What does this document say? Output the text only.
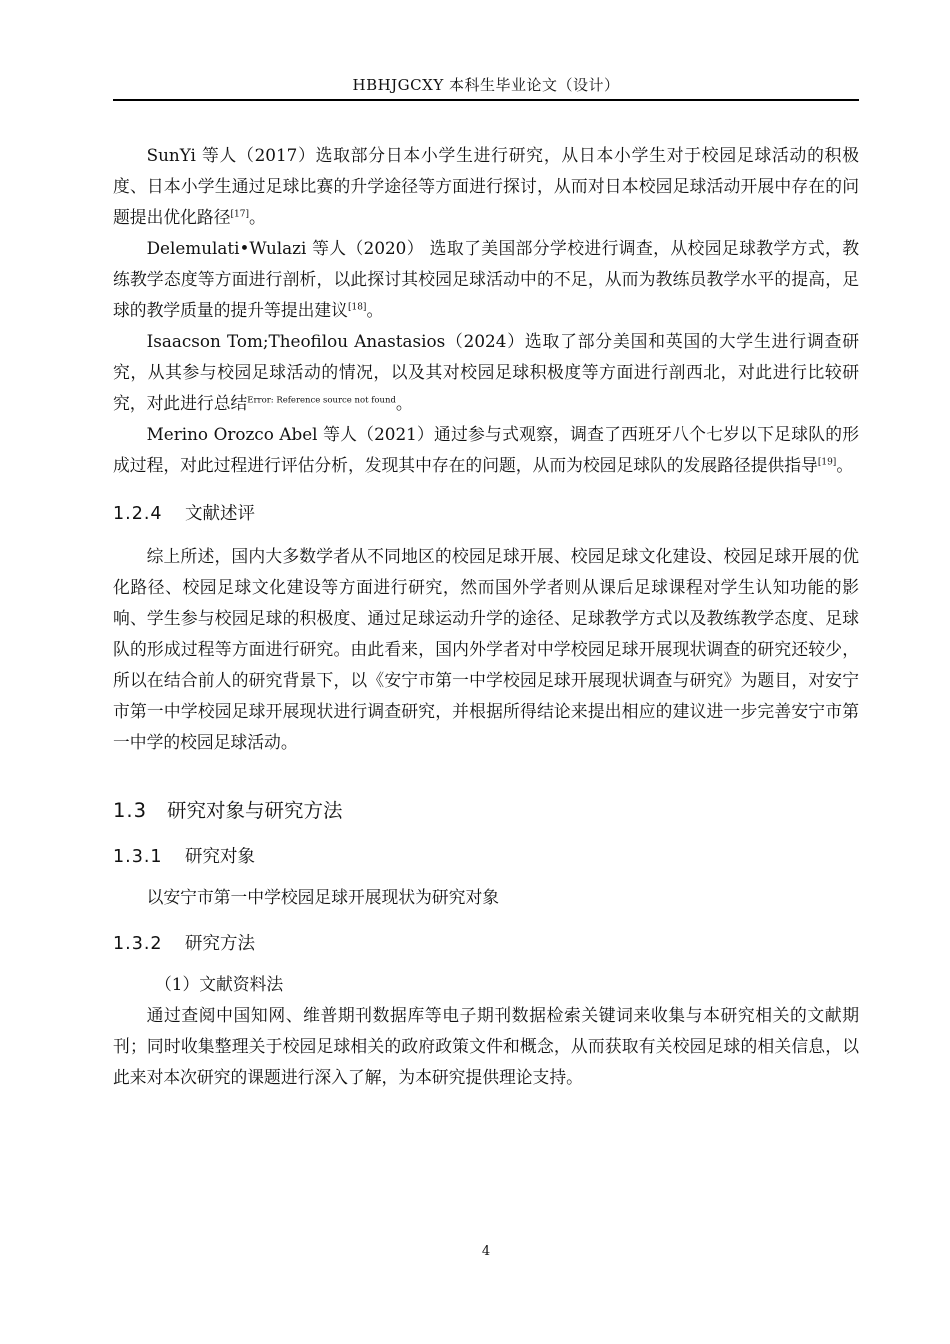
HBHJGCXY 本科生毕业论文（设计）

SunYi 等人（2017）选取部分日本小学生进行研究，从日本小学生对于校园足球活动的积极度、日本小学生通过足球比赛的升学途径等方面进行探讨，从而对日本校园足球活动开展中存在的问题提出优化路径[17]。

Delemulati•Wulazi 等人（2020） 选取了美国部分学校进行调查，从校园足球教学方式，教练教学态度等方面进行剖析，以此探讨其校园足球活动中的不足，从而为教练员教学水平的提高，足球的教学质量的提升等提出建议[18]。

Isaacson Tom;Theofilou Anastasios（2024）选取了部分美国和英国的大学生进行调查研究，从其参与校园足球活动的情况，以及其对校园足球积极度等方面进行剖西北，对此进行比较研究，对此进行总结$^{Error: Reference source not found}$。

Merino Orozco Abel 等人（2021）通过参与式观察，调查了西班牙八个七岁以下足球队的形成过程，对此过程进行评估分析，发现其中存在的问题，从而为校园足球队的发展路径提供指导[19]。

1.2.4 文献述评

综上所述，国内大多数学者从不同地区的校园足球开展、校园足球文化建设、校园足球开展的优化路径、校园足球文化建设等方面进行研究，然而国外学者则从课后足球课程对学生认知功能的影响、学生参与校园足球的积极度、通过足球运动升学的途径、足球教学方式以及教练教学态度、足球队的形成过程等方面进行研究。由此看来，国内外学者对中学校园足球开展现状调查的研究还较少，所以在结合前人的研究背景下，以《安宁市第一中学校园足球开展现状调查与研究》为题目，对安宁市第一中学校园足球开展现状进行调查研究，并根据所得结论来提出相应的建议进一步完善安宁市第一中学的校园足球活动。

1.3 研究对象与研究方法
1.3.1 研究对象

以安宁市第一中学校园足球开展现状为研究对象

1.3.2 研究方法

（1）文献资料法

通过查阅中国知网、维普期刊数据库等电子期刊数据检索关键词来收集与本研究相关的文献期刊；同时收集整理关于校园足球相关的政府政策文件和概念，从而获取有关校园足球的相关信息，以此来对本次研究的课题进行深入了解，为本研究提供理论支持。

4
